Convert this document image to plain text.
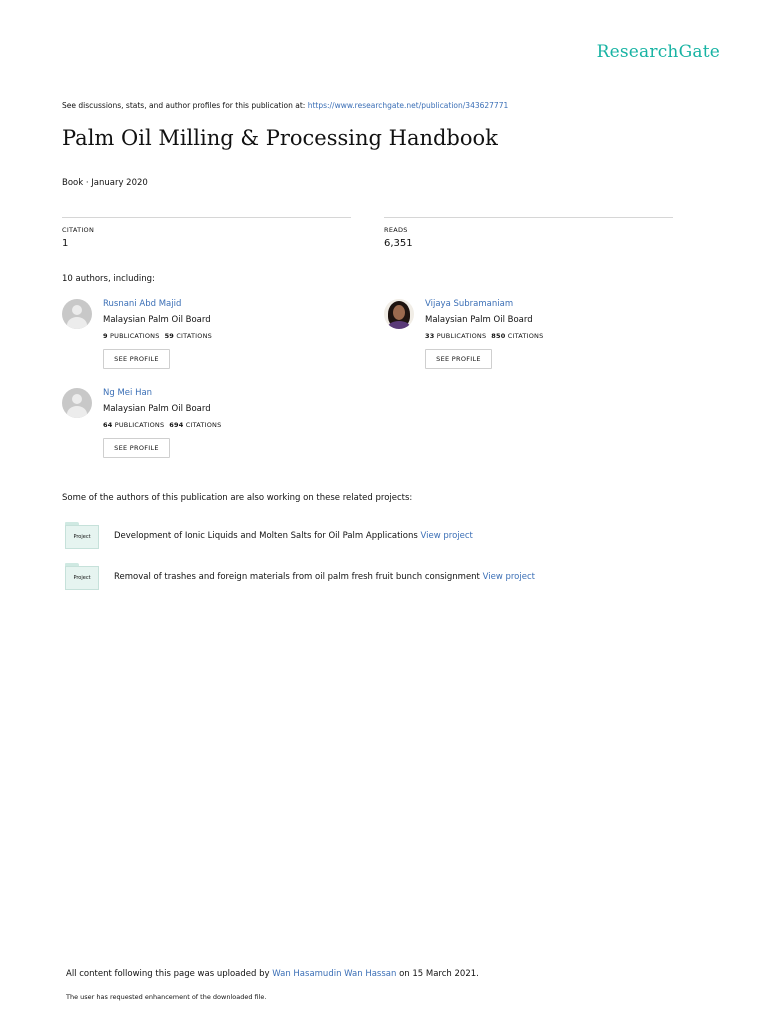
ResearchGate
See discussions, stats, and author profiles for this publication at: https://www.researchgate.net/publication/343627771
Palm Oil Milling & Processing Handbook
Book · January 2020
CITATION
1
READS
6,351
10 authors, including:
Rusnani Abd Majid
Malaysian Palm Oil Board
9 PUBLICATIONS 59 CITATIONS
SEE PROFILE
Vijaya Subramaniam
Malaysian Palm Oil Board
33 PUBLICATIONS 850 CITATIONS
SEE PROFILE
Ng Mei Han
Malaysian Palm Oil Board
64 PUBLICATIONS 694 CITATIONS
SEE PROFILE
Some of the authors of this publication are also working on these related projects:
Project	Development of Ionic Liquids and Molten Salts for Oil Palm Applications View project
Project	Removal of trashes and foreign materials from oil palm fresh fruit bunch consignment View project
All content following this page was uploaded by Wan Hasamudin Wan Hassan on 15 March 2021.
The user has requested enhancement of the downloaded file.
